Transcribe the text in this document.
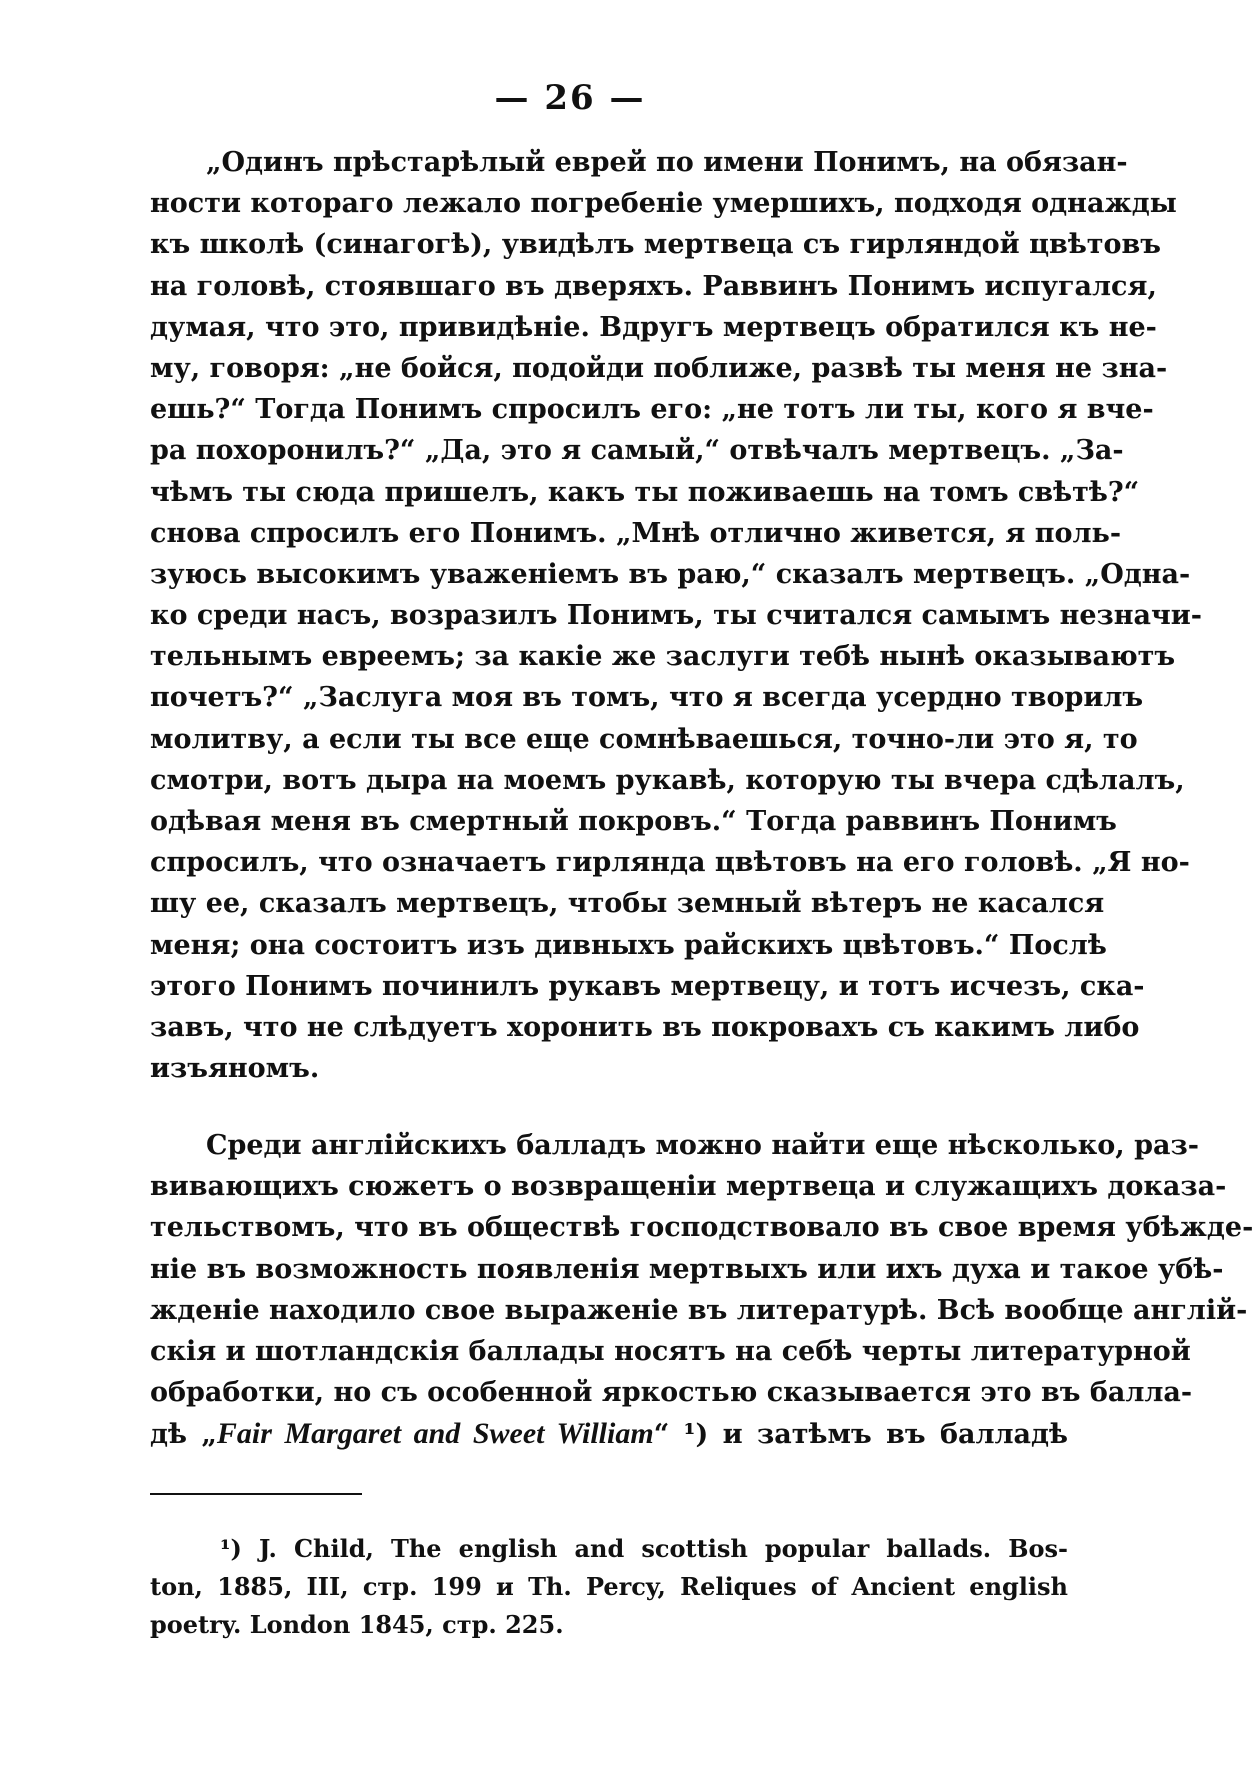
— 26 —
„Одинъ прѣстарѣлый еврей по имени Понимъ, на обязан-
ности котораго лежало погребеніе умершихъ, подходя однажды
къ школѣ (синагогѣ), увидѣлъ мертвеца съ гирляндой цвѣтовъ
на головѣ, стоявшаго въ дверяхъ. Раввинъ Понимъ испугался,
думая, что это, привидѣніе. Вдругъ мертвецъ обратился къ не-
му, говоря: „не бойся, подойди поближе, развѣ ты меня не зна-
ешь?“ Тогда Понимъ спросилъ его: „не тотъ ли ты, кого я вче-
ра похоронилъ?“ „Да, это я самый,“ отвѣчалъ мертвецъ. „За-
чѣмъ ты сюда пришелъ, какъ ты поживаешь на томъ свѣтѣ?“
снова спросилъ его Понимъ. „Мнѣ отлично живется, я поль-
зуюсь высокимъ уваженіемъ въ раю,“ сказалъ мертвецъ. „Одна-
ко среди насъ, возразилъ Понимъ, ты считался самымъ незначи-
тельнымъ евреемъ; за какіе же заслуги тебѣ нынѣ оказываютъ
почетъ?“ „Заслуга моя въ томъ, что я всегда усердно творилъ
молитву, а если ты все еще сомнѣваешься, точно-ли это я, то
смотри, вотъ дыра на моемъ рукавѣ, которую ты вчера сдѣлалъ,
одѣвая меня въ смертный покровъ.“ Тогда раввинъ Понимъ
спросилъ, что означаетъ гирлянда цвѣтовъ на его головѣ. „Я но-
шу ее, сказалъ мертвецъ, чтобы земный вѣтеръ не касался
меня; она состоитъ изъ дивныхъ райскихъ цвѣтовъ.“ Послѣ
этого Понимъ починилъ рукавъ мертвецу, и тотъ исчезъ, ска-
завъ, что не слѣдуетъ хоронить въ покровахъ съ какимъ либо
изъяномъ.
Среди англійскихъ балладъ можно найти еще нѣсколько, раз-
вивающихъ сюжетъ о возвращеніи мертвеца и служащихъ доказа-
тельствомъ, что въ обществѣ господствовало въ свое время убѣжде-
ніе въ возможность появленія мертвыхъ или ихъ духа и такое убѣ-
жденіе находило свое выраженіе въ литературѣ. Всѣ вообще англій-
скія и шотландскія баллады носятъ на себѣ черты литературной
обработки, но съ особенной яркостью сказывается это въ балла-
дѣ „Fair Margaret and Sweet William“ ¹) и затѣмъ въ балладѣ
¹) J. Child, The english and scottish popular ballads. Bos-
ton, 1885, III, стр. 199 и Th. Percy, Reliques of Ancient english
poetry. London 1845, стр. 225.
